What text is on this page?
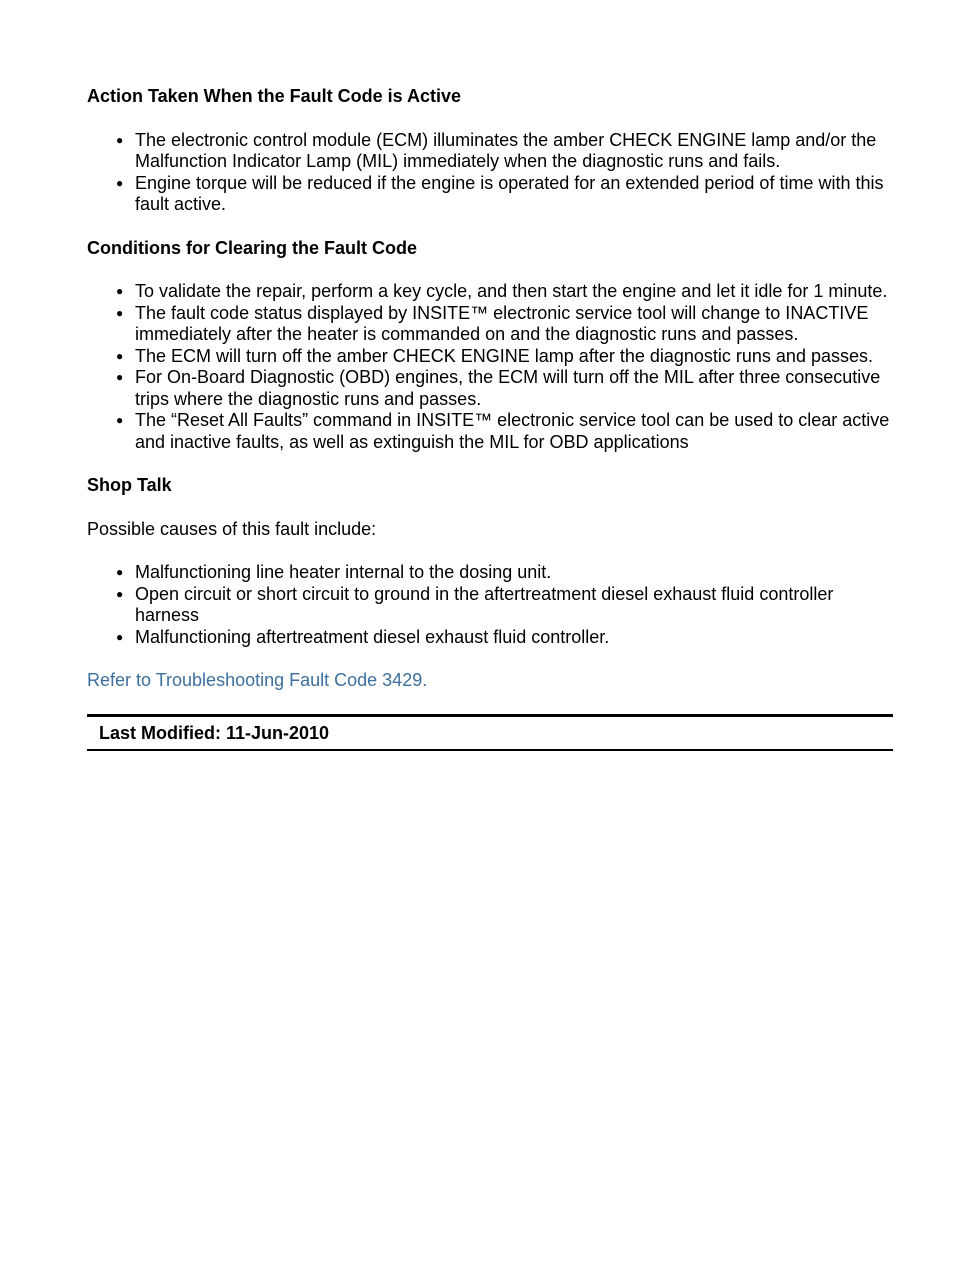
Action Taken When the Fault Code is Active
● The electronic control module (ECM) illuminates the amber CHECK ENGINE lamp and/or the Malfunction Indicator Lamp (MIL) immediately when the diagnostic runs and fails.
● Engine torque will be reduced if the engine is operated for an extended period of time with this fault active.
Conditions for Clearing the Fault Code
● To validate the repair, perform a key cycle, and then start the engine and let it idle for 1 minute.
● The fault code status displayed by INSITE™ electronic service tool will change to INACTIVE immediately after the heater is commanded on and the diagnostic runs and passes.
● The ECM will turn off the amber CHECK ENGINE lamp after the diagnostic runs and passes.
● For On-Board Diagnostic (OBD) engines, the ECM will turn off the MIL after three consecutive trips where the diagnostic runs and passes.
● The “Reset All Faults” command in INSITE™ electronic service tool can be used to clear active and inactive faults, as well as extinguish the MIL for OBD applications
Shop Talk

Possible causes of this fault include:

● Malfunctioning line heater internal to the dosing unit.
● Open circuit or short circuit to ground in the aftertreatment diesel exhaust fluid controller harness
● Malfunctioning aftertreatment diesel exhaust fluid controller.
Refer to Troubleshooting Fault Code 3429.
Last Modified: 11-Jun-2010
